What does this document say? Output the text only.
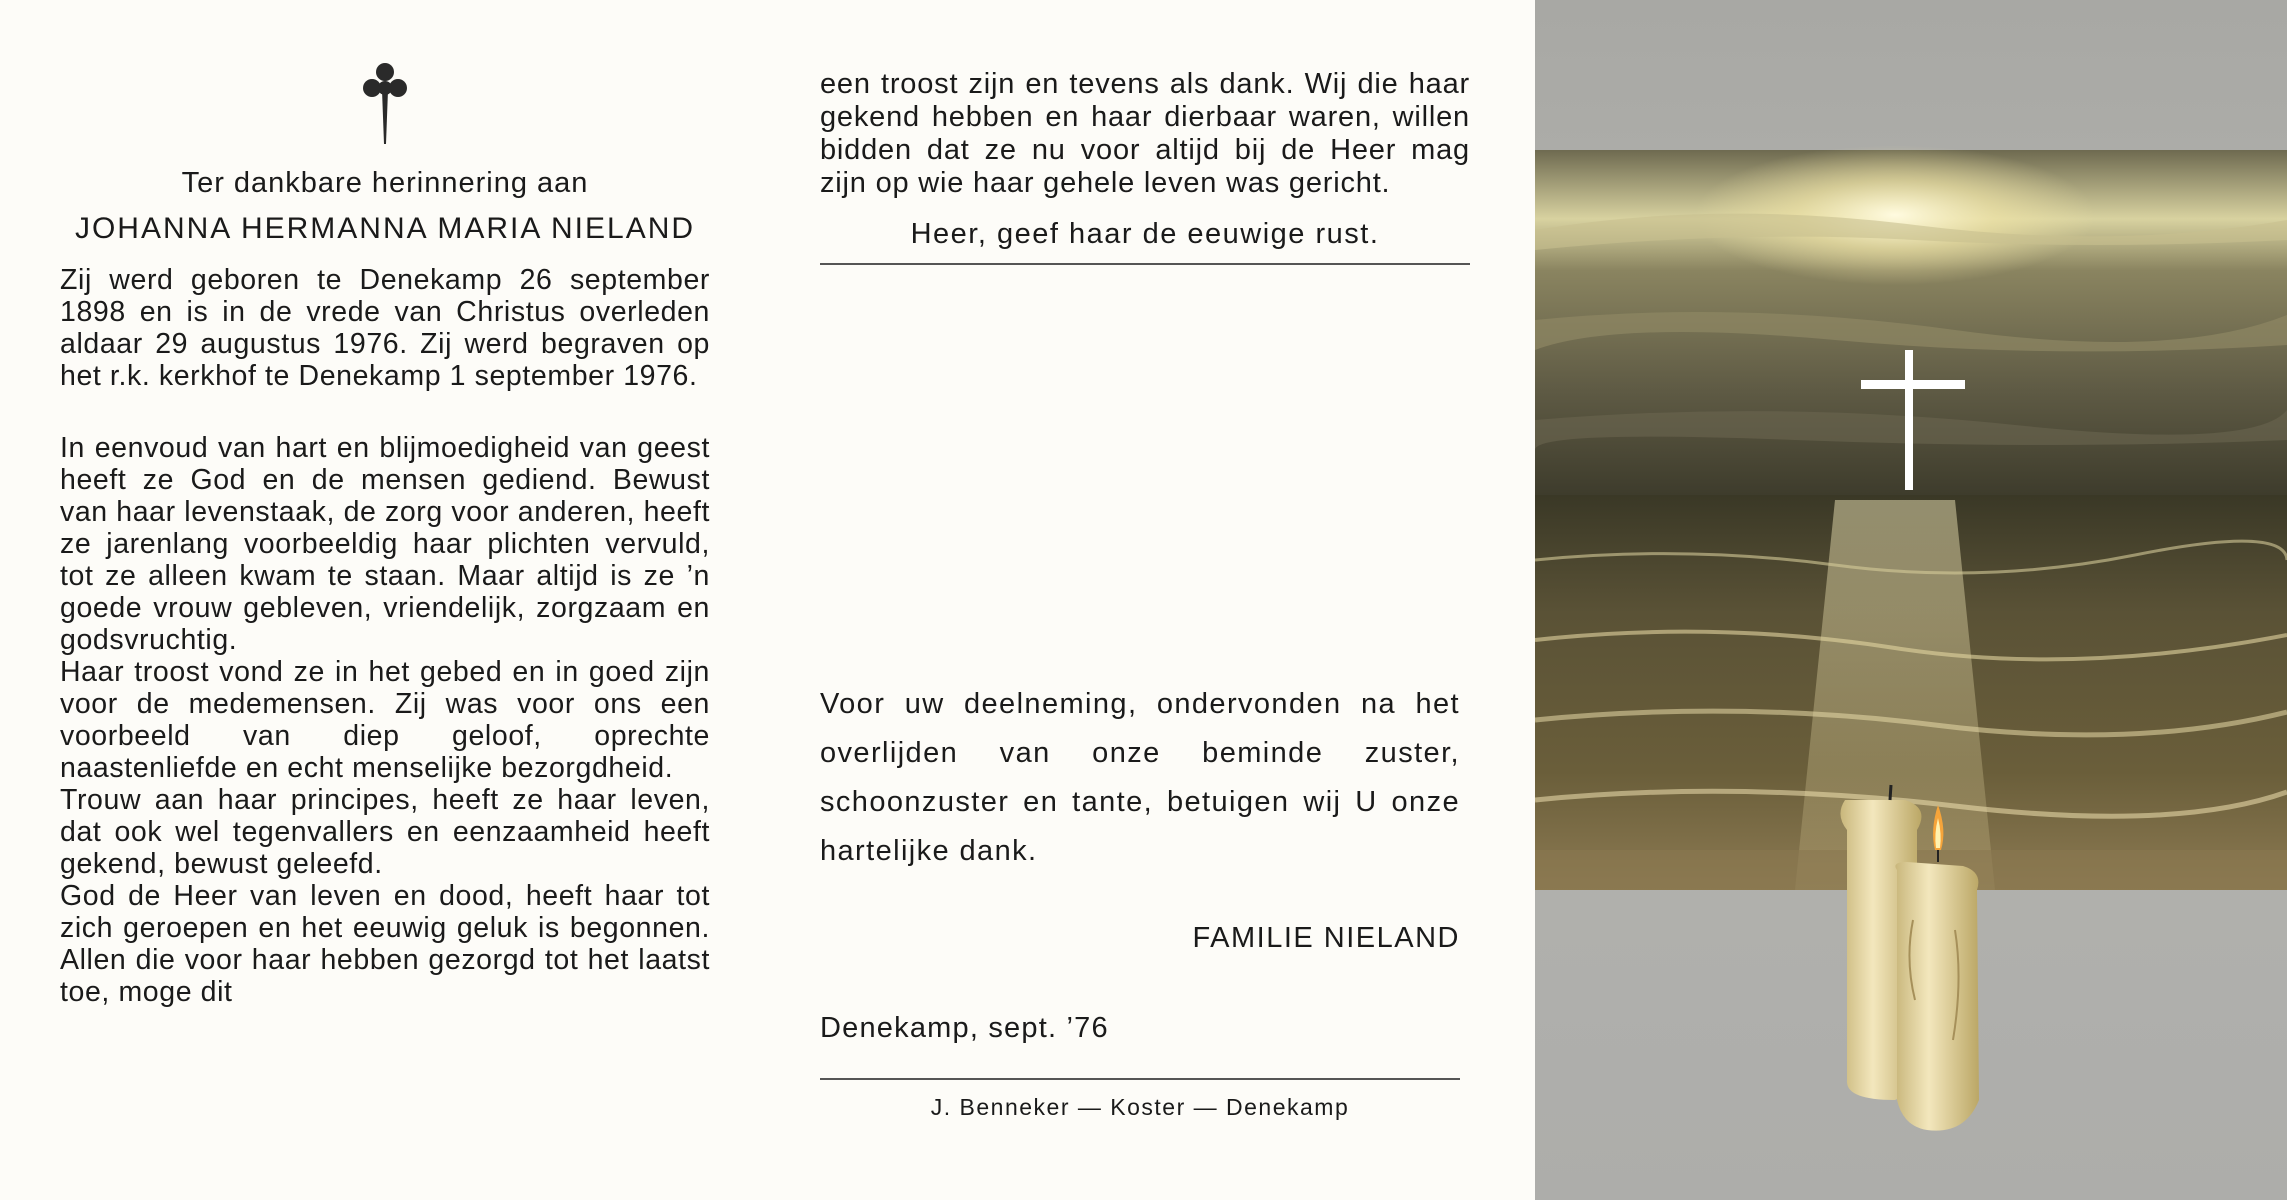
Ter dankbare herinnering aan
JOHANNA HERMANNA MARIA NIELAND

Zij werd geboren te Denekamp 26 september 1898 en is in de vrede van Christus overleden aldaar 29 augustus 1976. Zij werd begraven op het r.k. kerkhof te Denekamp 1 september 1976.

In eenvoud van hart en blijmoedigheid van geest heeft ze God en de mensen gediend. Bewust van haar levenstaak, de zorg voor anderen, heeft ze jarenlang voorbeeldig haar plichten vervuld, tot ze alleen kwam te staan. Maar altijd is ze ’n goede vrouw gebleven, vriendelijk, zorgzaam en godsvruchtig.

Haar troost vond ze in het gebed en in goed zijn voor de medemensen. Zij was voor ons een voorbeeld van diep geloof, oprechte naastenliefde en echt menselijke bezorgdheid.

Trouw aan haar principes, heeft ze haar leven, dat ook wel tegenvallers en eenzaamheid heeft gekend, bewust geleefd.

God de Heer van leven en dood, heeft haar tot zich geroepen en het eeuwig geluk is begonnen. Allen die voor haar hebben gezorgd tot het laatst toe, moge dit

een troost zijn en tevens als dank. Wij die haar gekend hebben en haar dierbaar waren, willen bidden dat ze nu voor altijd bij de Heer mag zijn op wie haar gehele leven was gericht.

Heer, geef haar de eeuwige rust.
Voor uw deelneming, ondervonden na het overlijden van onze beminde zuster, schoonzuster en tante, betuigen wij U onze hartelijke dank.
FAMILIE NIELAND
Denekamp, sept. ’76
J. Benneker — Koster — Denekamp
